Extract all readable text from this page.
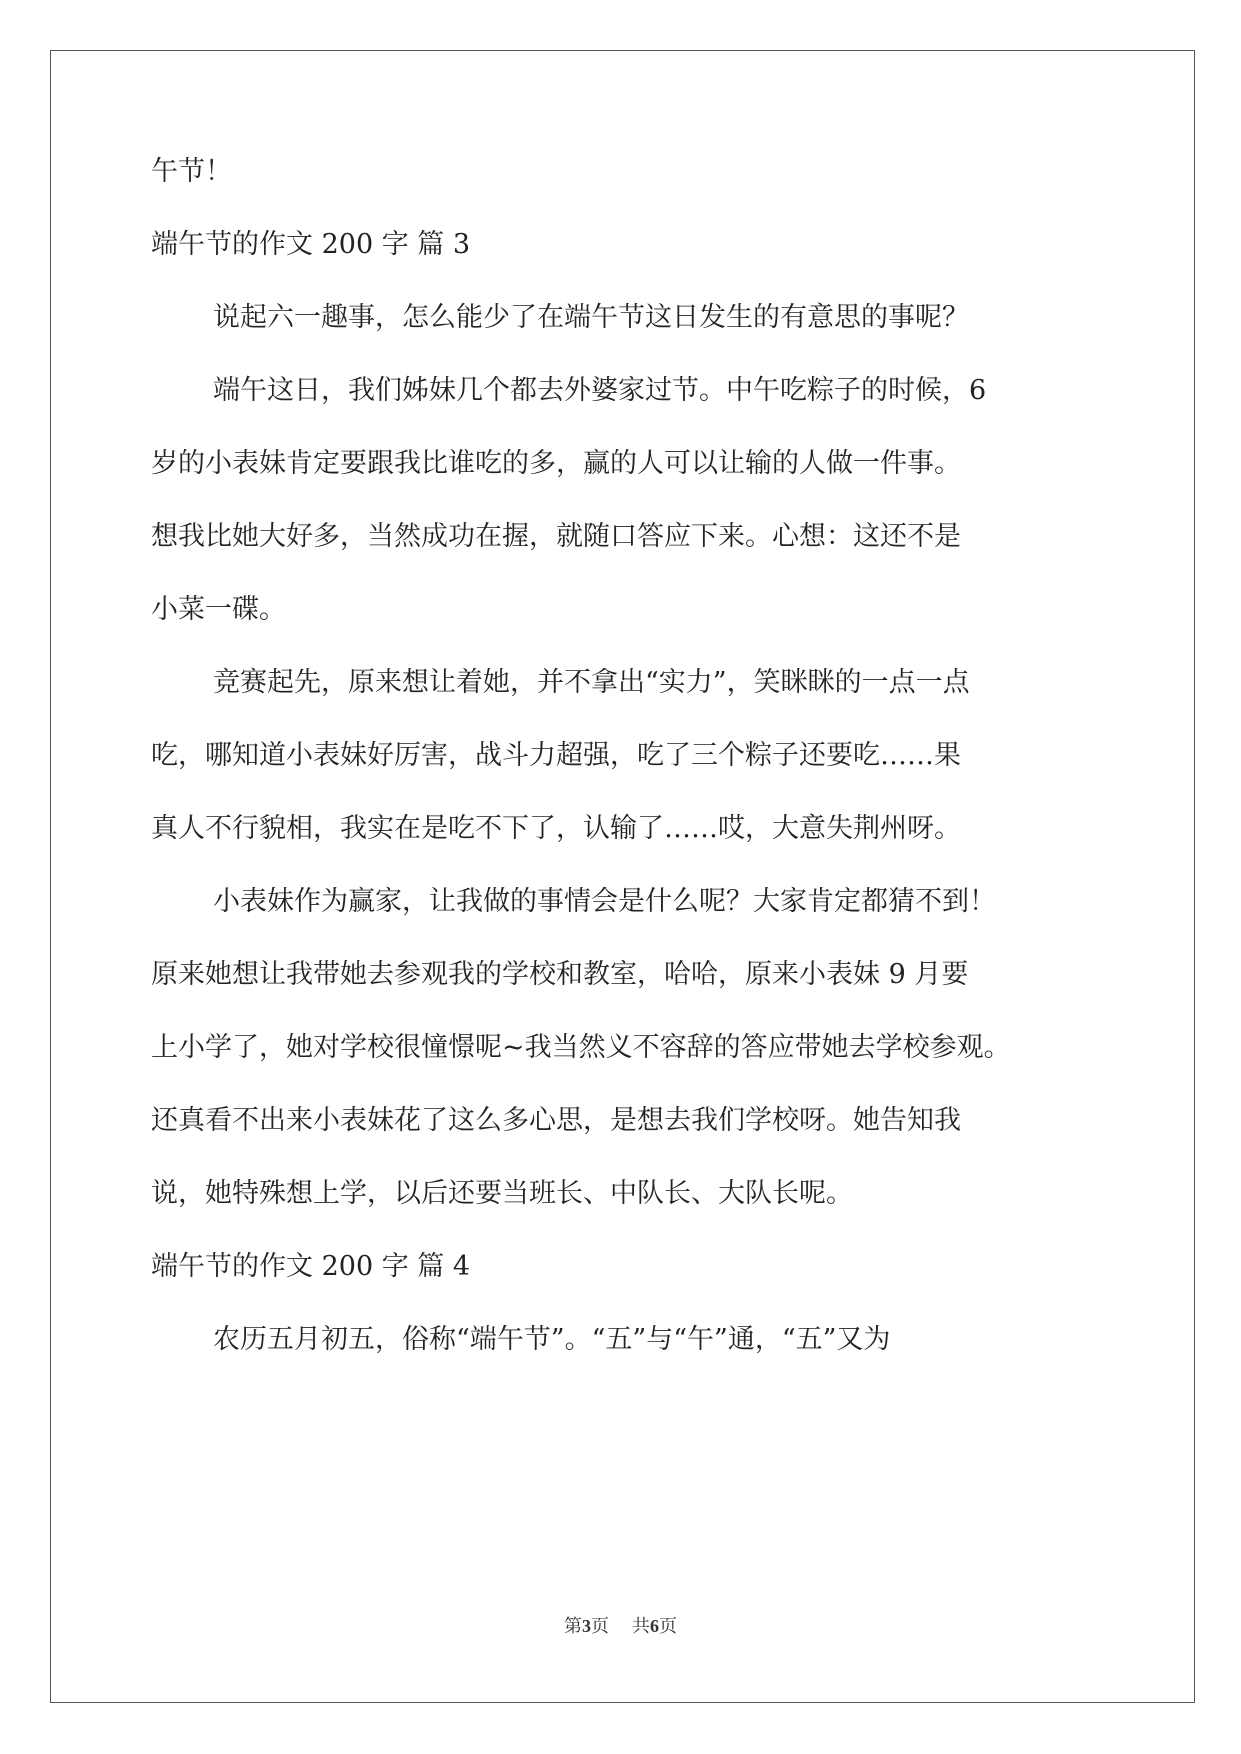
午节！
端午节的作文 200 字 篇 3
说起六一趣事，怎么能少了在端午节这日发生的有意思的事呢？
端午这日，我们姊妹几个都去外婆家过节。中午吃粽子的时候，6
岁的小表妹肯定要跟我比谁吃的多，赢的人可以让输的人做一件事。
想我比她大好多，当然成功在握，就随口答应下来。心想：这还不是
小菜一碟。
竞赛起先，原来想让着她，并不拿出“实力”，笑眯眯的一点一点
吃，哪知道小表妹好厉害，战斗力超强，吃了三个粽子还要吃……果
真人不行貌相，我实在是吃不下了，认输了……哎，大意失荆州呀。
小表妹作为赢家，让我做的事情会是什么呢？大家肯定都猜不到！
原来她想让我带她去参观我的学校和教室，哈哈，原来小表妹 9 月要
上小学了，她对学校很憧憬呢~我当然义不容辞的答应带她去学校参观。
还真看不出来小表妹花了这么多心思，是想去我们学校呀。她告知我
说，她特殊想上学，以后还要当班长、中队长、大队长呢。
端午节的作文 200 字 篇 4
农历五月初五，俗称“端午节”。“五”与“午”通，“五”又为
第3页 共6页
